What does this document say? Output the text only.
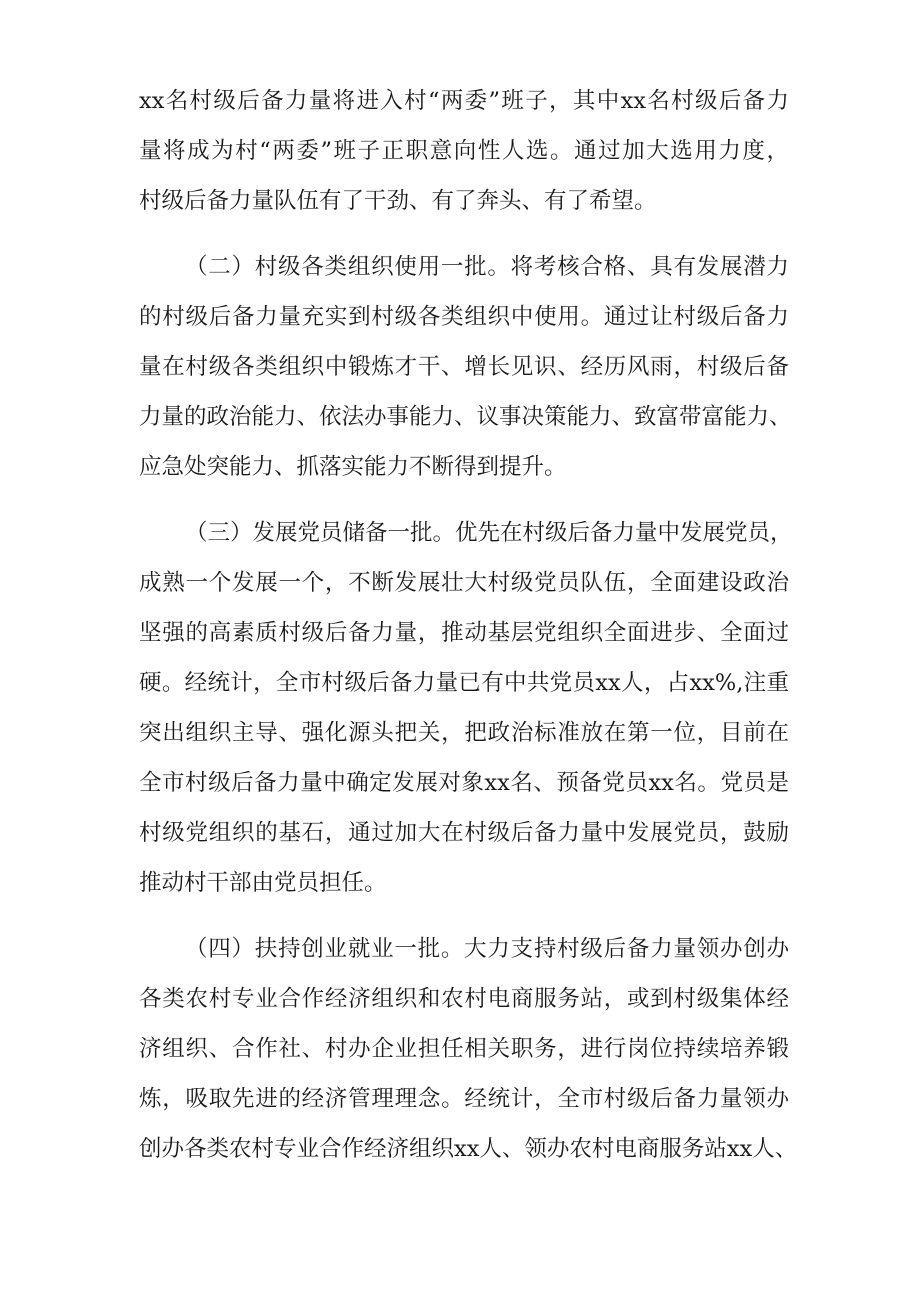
xx名村级后备力量将进入村“两委”班子，其中xx名村级后备力
量将成为村“两委”班子正职意向性人选。通过加大选用力度，
村级后备力量队伍有了干劲、有了奔头、有了希望。
（二）村级各类组织使用一批。将考核合格、具有发展潜力
的村级后备力量充实到村级各类组织中使用。通过让村级后备力
量在村级各类组织中锻炼才干、增长见识、经历风雨，村级后备
力量的政治能力、依法办事能力、议事决策能力、致富带富能力、
应急处突能力、抓落实能力不断得到提升。
（三）发展党员储备一批。优先在村级后备力量中发展党员，
成熟一个发展一个，不断发展壮大村级党员队伍，全面建设政治
坚强的高素质村级后备力量，推动基层党组织全面进步、全面过
硬。经统计，全市村级后备力量已有中共党员xx人，占xx%,注重
突出组织主导、强化源头把关，把政治标准放在第一位，目前在
全市村级后备力量中确定发展对象xx名、预备党员xx名。党员是
村级党组织的基石，通过加大在村级后备力量中发展党员，鼓励
推动村干部由党员担任。
（四）扶持创业就业一批。大力支持村级后备力量领办创办
各类农村专业合作经济组织和农村电商服务站，或到村级集体经
济组织、合作社、村办企业担任相关职务，进行岗位持续培养锻
炼，吸取先进的经济管理理念。经统计，全市村级后备力量领办
创办各类农村专业合作经济组织xx人、领办农村电商服务站xx人、
